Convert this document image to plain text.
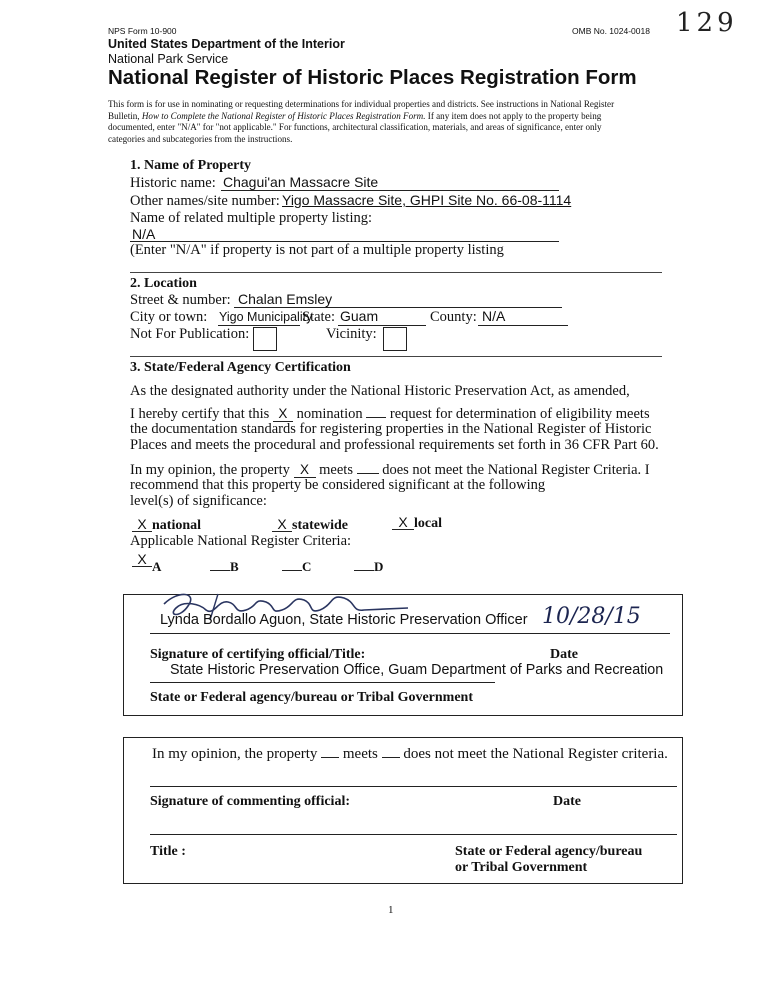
NPS Form 10-900	OMB No. 1024-0018 129
United States Department of the Interior
National Park Service
National Register of Historic Places Registration Form
This form is for use in nominating or requesting determinations for individual properties and districts. See instructions in National Register
Bulletin, How to Complete the National Register of Historic Places Registration Form. If any item does not apply to the property being
documented, enter "N/A" for "not applicable." For functions, architectural classification, materials, and areas of significance, enter only
categories and subcategories from the instructions.
1. Name of Property
Historic name: Chagui'an Massacre Site
Other names/site number: Yigo Massacre Site, GHPI Site No. 66-08-1114
Name of related multiple property listing:
N/A
(Enter "N/A" if property is not part of a multiple property listing
2. Location
Street & number: Chalan Emsley
City or town: Yigo Municipality
State: Guam	County: N/A
Not For Publication:	Vicinity:
3. State/Federal Agency Certification
As the designated authority under the National Historic Preservation Act, as amended,
I hereby certify that this X nomination  request for determination of eligibility meets
the documentation standards for registering properties in the National Register of Historic
Places and meets the procedural and professional requirements set forth in 36 CFR Part 60.
In my opinion, the property X meets  does not meet the National Register Criteria. I
recommend that this property be considered significant at the following
level(s) of significance:
X national	X statewide	X local
Applicable National Register Criteria:
X $_A$	B	C	D
Lynda Bordallo Aguon, State Historic Preservation Officer 10/28/15
Signature of certifying official/Title:	Date
State Historic Preservation Office, Guam Department of Parks and Recreation
State or Federal agency/bureau or Tribal Government
In my opinion, the property  meets  does not meet the National Register criteria.
Signature of commenting official:	Date
Title :	State or Federal agency/bureau
or Tribal Government
1
